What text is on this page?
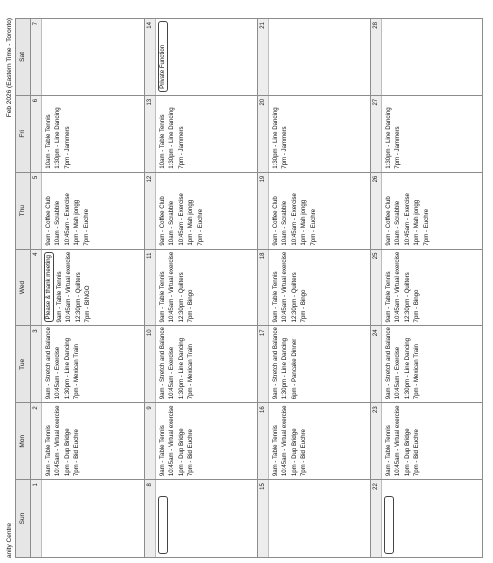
anity Centre
Feb 2026 (Eastern Time - Toronto)
Sun
Mon
Tue
Wed
Thu
Fri
Sat
1
2
9am - Table Tennis 10:45am - Virtual exercise 1pm - Dup Bridge 7pm - Bid Euchre
3 9am - Stretch and Balance 10:45am - Exercise 1:30pm - Line Dancing 7pm - Mexican Train
4
Please & thank meeting 9am - Table Tennis 10:45am - Virtual exercise 12:30pm - Quilters 7pm - BINGO
5
9am - Coffee Club 10am - Scrabble 10:45am - Exercise 1pm - Mah jongg 7pm - Euchre
6
10am - Table Tennis 1:30pm - Line Dancing 7pm - Jammers
7
8
9
9am - Table Tennis 10:45am - Virtual exercise 1pm - Dup Bridge 7pm - Bid Euchre
10 9am - Stretch and Balance 10:45am - Exercise 1:30pm - Line Dancing 7pm - Mexican Train
11
9am - Table Tennis 10:45am - Virtual exercise 12:30pm - Quilters 7pm - Bingo
12
9am - Coffee Club 10am - Scrabble 10:45am - Exercise 1pm - Mah jongg 7pm - Euchre
13
10am - Table Tennis 1:30pm - Line Dancing 7pm - Jammers
14
Private Function
15
16
9am - Table Tennis 10:45am - Virtual exercise 1pm - Dup Bridge 7pm - Bid Euchre
17 9am - Stretch and Balance 1:30pm - Line Dancing 6pm - Pancake Dinner
18
9am - Table Tennis 10:45am - Virtual exercise 12:30pm - Quilters 7pm - Bingo
19
9am - Coffee Club 10am - Scrabble 10:45am - Exercise 1pm - Mah jongg 7pm - Euchre
20
1:30pm - Line Dancing 7pm - Jammers
21
22
23
9am - Table Tennis 10:45am - Virtual exercise 1pm - Dup Bridge 7pm - Bid Euchre
24 9am - Stretch and Balance 10:45am - Exercise 1:30pm - Line Dancing 7pm - Mexican Train
25
9am - Table Tennis 10:45am - Virtual exercise 12:30pm - Quilters 7pm - Bingo
26
9am - Coffee Club 10am - Scrabble 10:45am - Exercise 1pm - Mah jongg 7pm - Euchre
27
1:30pm - Line Dancing 7pm - Jammers
28
